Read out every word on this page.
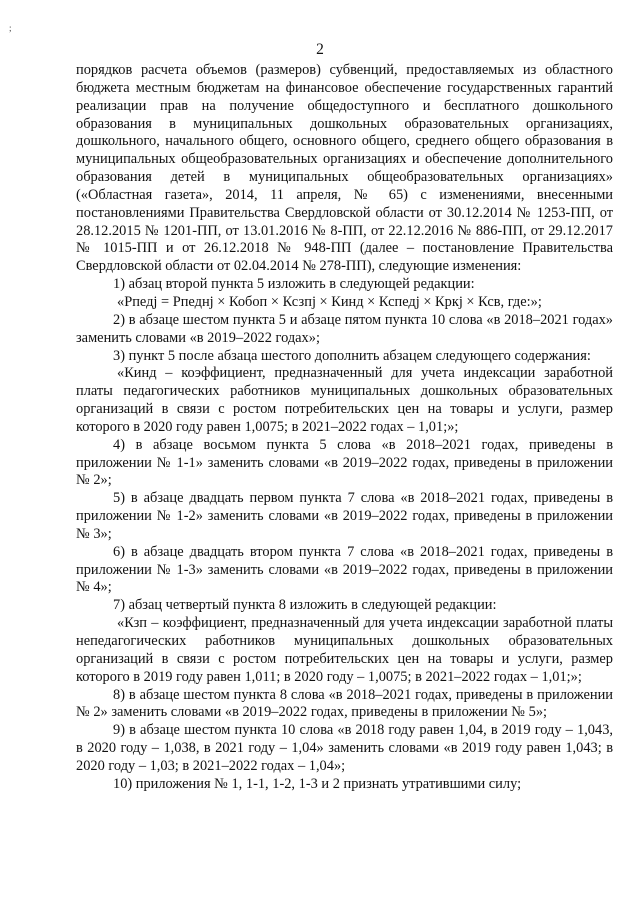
;
2

порядков расчета объемов (размеров) субвенций, предоставляемых из областного бюджета местным бюджетам на финансовое обеспечение государственных гарантий реализации прав на получение общедоступного и бесплатного дошкольного образования в муниципальных дошкольных образовательных организациях, дошкольного, начального общего, основного общего, среднего общего образования в муниципальных общеобразовательных организациях и обеспечение дополнительного образования детей в муниципальных общеобразовательных организациях» («Областная газета», 2014, 11 апреля, № 65) с изменениями, внесенными постановлениями Правительства Свердловской области от 30.12.2014 № 1253-ПП, от 28.12.2015 № 1201-ПП, от 13.01.2016 № 8-ПП, от 22.12.2016 № 886-ПП, от 29.12.2017 № 1015-ПП и от 26.12.2018 № 948-ПП (далее – постановление Правительства Свердловской области от 02.04.2014 № 278-ПП), следующие изменения:

1) абзац второй пункта 5 изложить в следующей редакции:

«Рпедj = Рпеднj × Кобоп × Ксзпj × Кинд × Кспедj × Кркj × Ксв, где:»;

2) в абзаце шестом пункта 5 и абзаце пятом пункта 10 слова «в 2018–2021 годах» заменить словами «в 2019–2022 годах»;

3) пункт 5 после абзаца шестого дополнить абзацем следующего содержания:

«Кинд – коэффициент, предназначенный для учета индексации заработной платы педагогических работников муниципальных дошкольных образовательных организаций в связи с ростом потребительских цен на товары и услуги, размер которого в 2020 году равен 1,0075; в 2021–2022 годах – 1,01;»;

4) в абзаце восьмом пункта 5 слова «в 2018–2021 годах, приведены в приложении № 1-1» заменить словами «в 2019–2022 годах, приведены в приложении № 2»;

5) в абзаце двадцать первом пункта 7 слова «в 2018–2021 годах, приведены в приложении № 1-2» заменить словами «в 2019–2022 годах, приведены в приложении № 3»;

6) в абзаце двадцать втором пункта 7 слова «в 2018–2021 годах, приведены в приложении № 1-3» заменить словами «в 2019–2022 годах, приведены в приложении № 4»;

7) абзац четвертый пункта 8 изложить в следующей редакции:

«Кзп – коэффициент, предназначенный для учета индексации заработной платы непедагогических работников муниципальных дошкольных образовательных организаций в связи с ростом потребительских цен на товары и услуги, размер которого в 2019 году равен 1,011; в 2020 году – 1,0075; в 2021–2022 годах – 1,01;»;

8) в абзаце шестом пункта 8 слова «в 2018–2021 годах, приведены в приложении № 2» заменить словами «в 2019–2022 годах, приведены в приложении № 5»;

9) в абзаце шестом пункта 10 слова «в 2018 году равен 1,04, в 2019 году – 1,043, в 2020 году – 1,038, в 2021 году – 1,04» заменить словами «в 2019 году равен 1,043; в 2020 году – 1,03; в 2021–2022 годах – 1,04»;

10) приложения № 1, 1-1, 1-2, 1-3 и 2 признать утратившими силу;
